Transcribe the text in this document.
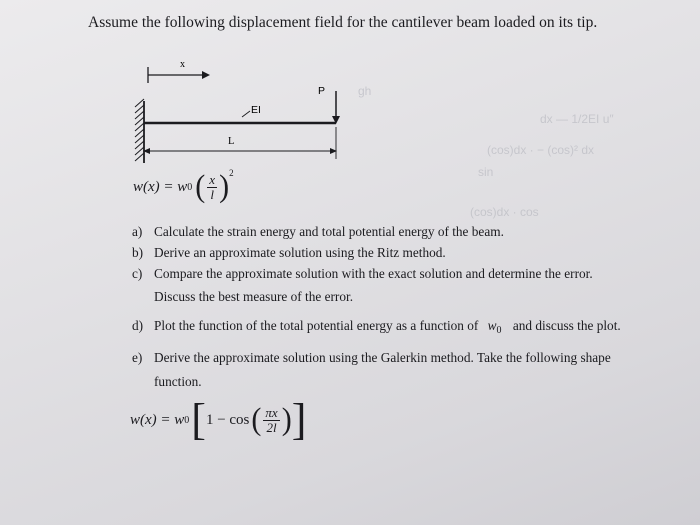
gh
dx — 1/2EI u″
(cos)dx · − (cos)² dx
sin
(cos)dx · cos
Assume the following displacement field for the cantilever beam loaded on its tip.
x
EI
P
L
w(x) = w 0 ( $\frac{x}{l}$ ) 2
a) Calculate the strain energy and total potential energy of the beam.
b) Derive an approximate solution using the Ritz method.
c) Compare the approximate solution with the exact solution and determine the error.
Discuss the best measure of the error.
d) Plot the function of the total potential energy as a function of $w_0$ and discuss the plot.
e) Derive the approximate solution using the Galerkin method. Take the following shape
function.
w(x) = w 0 [ 1 − cos ( $\frac{\pi x}{2l}$ ) ]
